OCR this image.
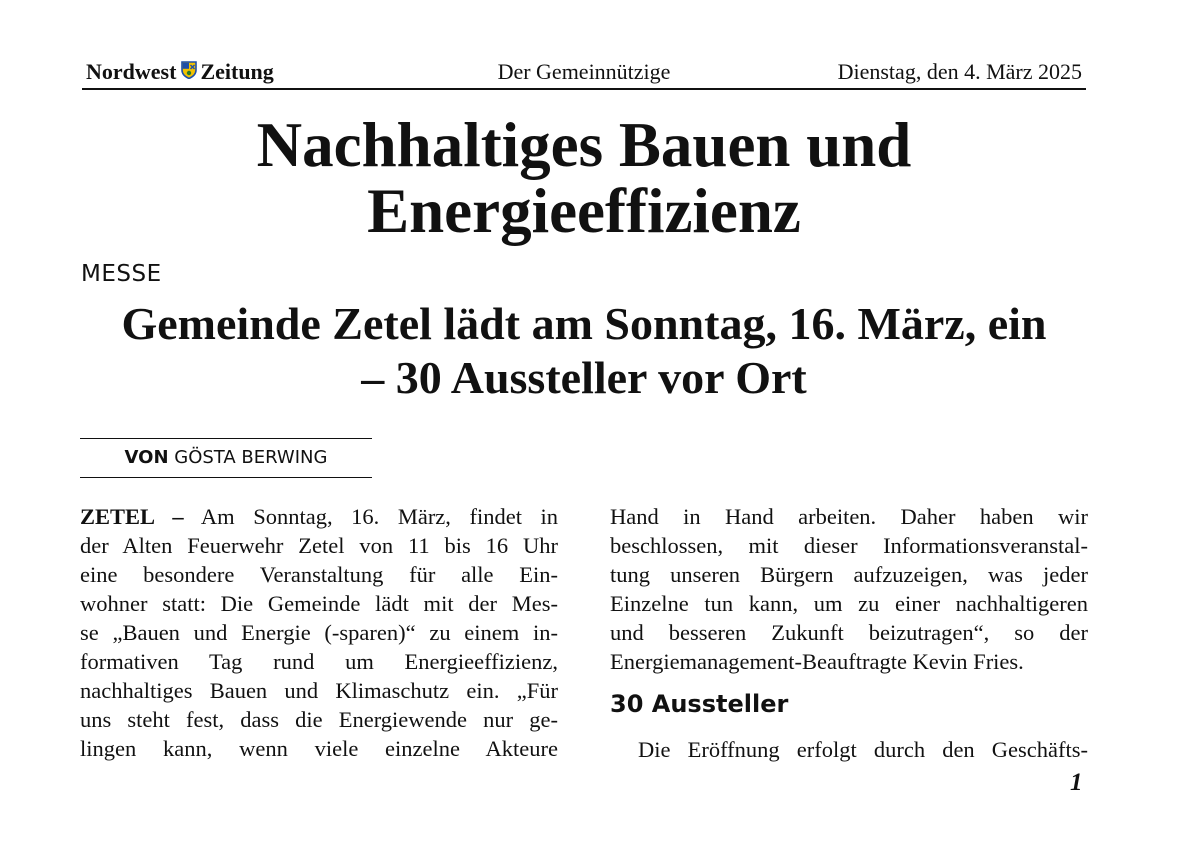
Nordwest Zeitung	Der Gemeinnützige	Dienstag, den 4. März 2025
Nachhaltiges Bauen und
Energieeffizienz
MESSE
Gemeinde Zetel lädt am Sonntag, 16. März, ein
– 30 Aussteller vor Ort
VON GÖSTA BERWING
ZETEL – Am Sonntag, 16. März, findet in
der Alten Feuerwehr Zetel von 11 bis 16 Uhr
eine besondere Veranstaltung für alle Ein-
wohner statt: Die Gemeinde lädt mit der Mes-
se „Bauen und Energie (-sparen)“ zu einem in-
formativen Tag rund um Energieeffizienz,
nachhaltiges Bauen und Klimaschutz ein. „Für
uns steht fest, dass die Energiewende nur ge-
lingen kann, wenn viele einzelne Akteure
Hand in Hand arbeiten. Daher haben wir
beschlossen, mit dieser Informationsveranstal-
tung unseren Bürgern aufzuzeigen, was jeder
Einzelne tun kann, um zu einer nachhaltigeren
und besseren Zukunft beizutragen“, so der
Energiemanagement-Beauftragte Kevin Fries.
30 Aussteller
Die Eröffnung erfolgt durch den Geschäfts-
1
